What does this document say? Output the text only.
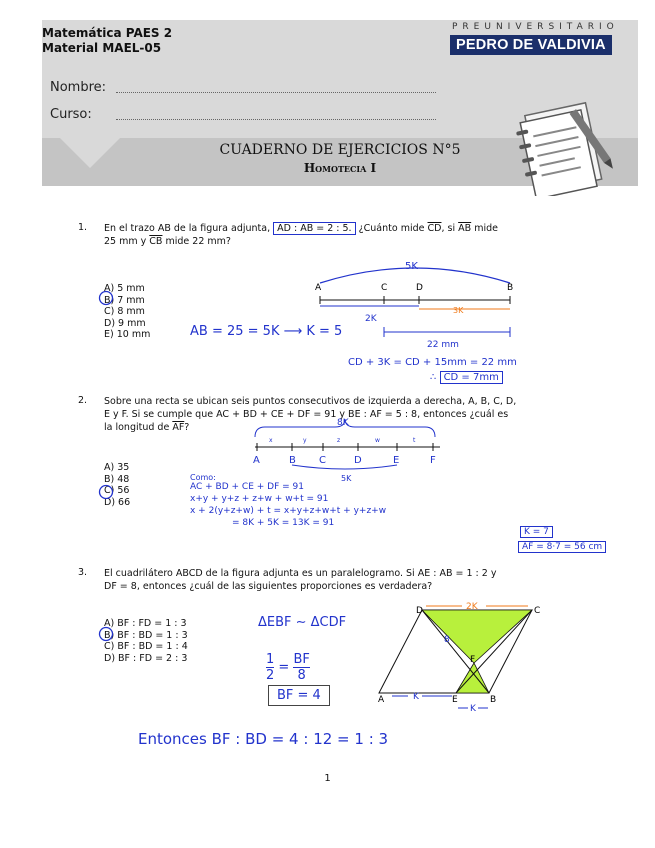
Matemática PAES 2
Material MAEL-05
PREUNIVERSITARIO
PEDRO DE VALDIVIA
Nombre:
Curso:
CUADERNO DE EJERCICIOS N°5
Homotecia I
1. En el trazo AB de la figura adjunta, AD : AB = 2 : 5. ¿Cuánto mide $\overline{CD}$, si $\overline{AB}$ mide
25 mm y $\overline{CB}$ mide 22 mm?
A) 5 mm
B) 7 mm
C) 8 mm
D) 9 mm
E) 10 mm
A	C	D	B
5K
3K
2K
22 mm
AB = 25 = 5K ⟶ K = 5
CD + 3K = CD + 15mm = 22 mm
∴ CD = 7mm
2. Sobre una recta se ubican seis puntos consecutivos de izquierda a derecha, A, B, C, D,
E y F. Si se cumple que AC + BD + CE + DF = 91 y BE : AF = 5 : 8, entonces ¿cuál es
la longitud de $\overline{AF}$?
A) 35
B) 48
C) 56
D) 66
8K
x	y	z	w	t
A	B C	D	E	F
5K
Como:
AC + BD + CE + DF = 91
x+y + y+z + z+w + w+t = 91
x + 2(y+z+w) + t = x+y+z+w+t + y+z+w
= 8K + 5K = 13K = 91
K = 7
AF = 8·7 = 56 cm
3. El cuadrilátero ABCD de la figura adjunta es un paralelogramo. Si AE : AB = 1 : 2 y
DF = 8, entonces ¿cuál de las siguientes proporciones es verdadera?
A) BF : FD = 1 : 3
B) BF : BD = 1 : 3
C) BF : BD = 1 : 4
D) BF : FD = 2 : 3
ΔEBF ∼ ΔCDF
$\frac{1}{2} = \frac{BF}{8}$
BF = 4
D	C
A	E	B
F
2K
8
K
K
Entonces BF : BD = 4 : 12 = 1 : 3
1
